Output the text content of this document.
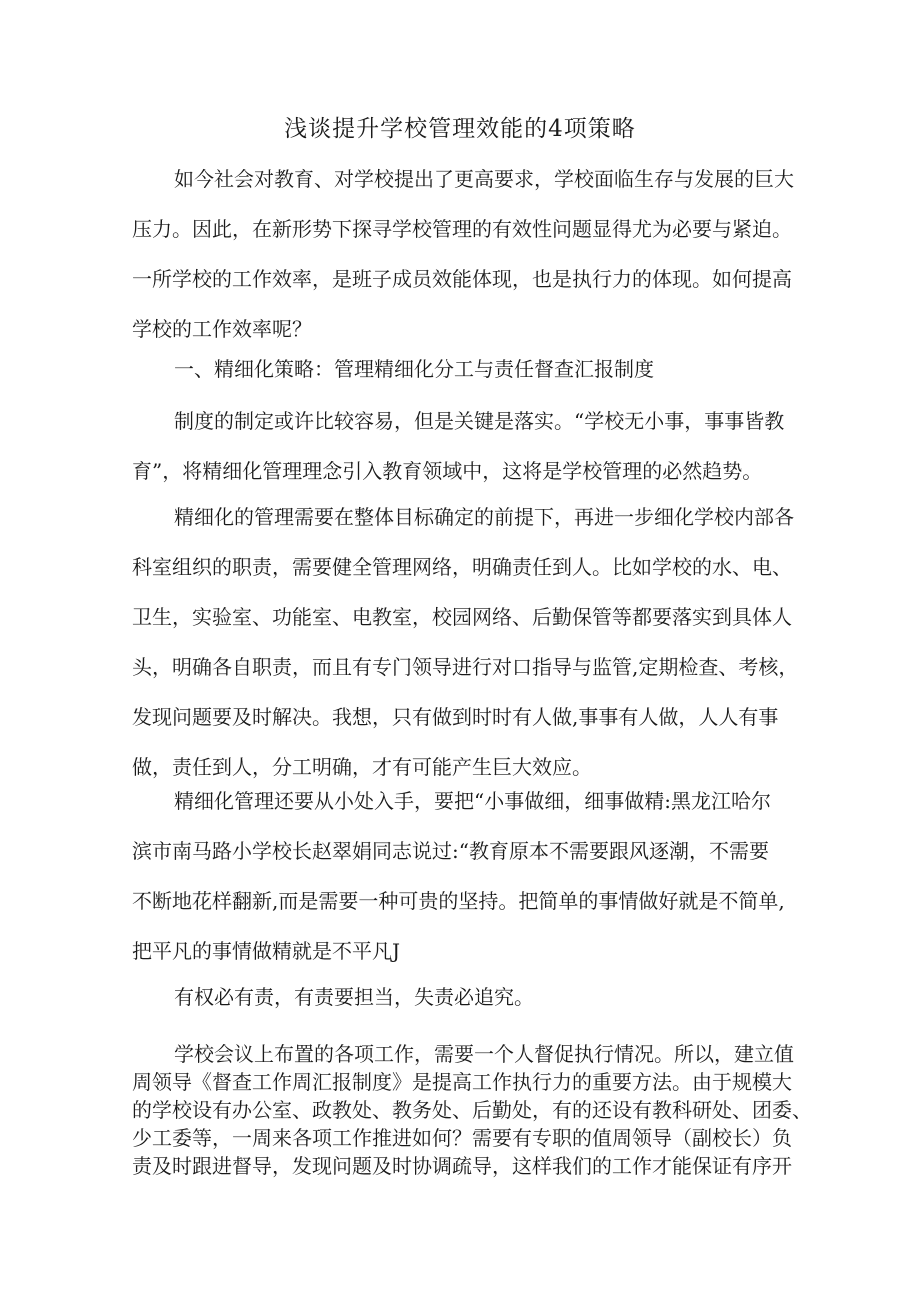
浅谈提升学校管理效能的4项策略
如今社会对教育、对学校提出了更高要求，学校面临生存与发展的巨大
压力。因此，在新形势下探寻学校管理的有效性问题显得尤为必要与紧迫。
一所学校的工作效率，是班子成员效能体现，也是执行力的体现。如何提高
学校的工作效率呢？
一、精细化策略：管理精细化分工与责任督查汇报制度
制度的制定或许比较容易，但是关键是落实。“学校无小事，事事皆教
育”，将精细化管理理念引入教育领域中，这将是学校管理的必然趋势。
精细化的管理需要在整体目标确定的前提下，再进一步细化学校内部各
科室组织的职责，需要健全管理网络，明确责任到人。比如学校的水、电、
卫生，实验室、功能室、电教室，校园网络、后勤保管等都要落实到具体人
头，明确各自职责，而且有专门领导进行对口指导与监管,定期检查、考核，
发现问题要及时解决。我想，只有做到时时有人做,事事有人做，人人有事
做，责任到人，分工明确，才有可能产生巨大效应。
精细化管理还要从小处入手，要把“小事做细，细事做精:黑龙江哈尔
滨市南马路小学校长赵翠娟同志说过:“教育原本不需要跟风逐潮，不需要
不断地花样翻新,而是需要一种可贵的坚持。把简单的事情做好就是不简单,
把平凡的事情做精就是不平凡J
有权必有责，有责要担当，失责必追究。
学校会议上布置的各项工作，需要一个人督促执行情况。所以，建立值
周领导《督查工作周汇报制度》是提高工作执行力的重要方法。由于规模大
的学校设有办公室、政教处、教务处、后勤处，有的还设有教科研处、团委、
少工委等，一周来各项工作推进如何？需要有专职的值周领导（副校长）负
责及时跟进督导，发现问题及时协调疏导，这样我们的工作才能保证有序开
